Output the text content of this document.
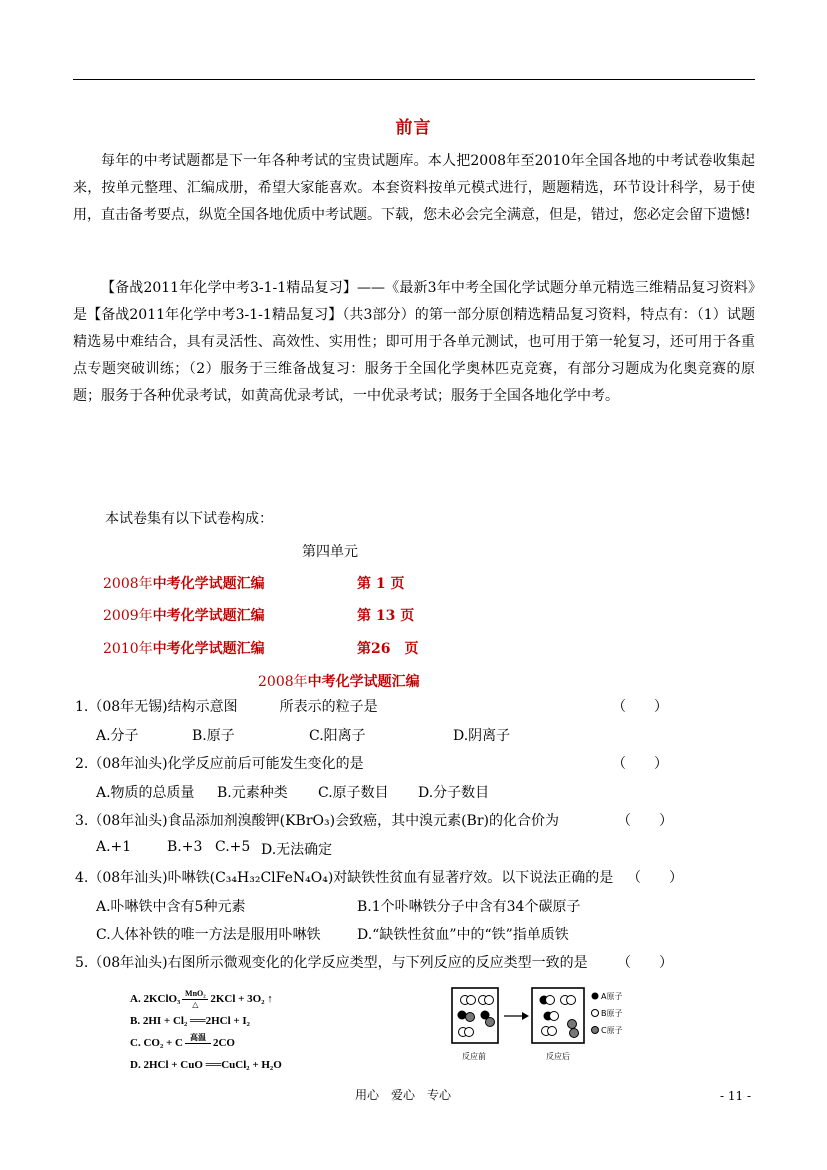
前言

每年的中考试题都是下一年各种考试的宝贵试题库。本人把2008年至2010年全国各地的中考试卷收集起来，按单元整理、汇编成册，希望大家能喜欢。本套资料按单元模式进行，题题精选，环节设计科学，易于使用，直击备考要点，纵览全国各地优质中考试题。下载，您未必会完全满意，但是，错过，您必定会留下遗憾!

【备战2011年化学中考3-1-1精品复习】——《最新3年中考全国化学试题分单元精选三维精品复习资料》是【备战2011年化学中考3-1-1精品复习】（共3部分）的第一部分原创精选精品复习资料，特点有：（1）试题精选易中难结合，具有灵活性、高效性、实用性；即可用于各单元测试，也可用于第一轮复习，还可用于各重点专题突破训练；（2）服务于三维备战复习：服务于全国化学奥林匹克竞赛，有部分习题成为化奥竞赛的原题；服务于各种优录考试，如黄高优录考试，一中优录考试；服务于全国各地化学中考。

本试卷集有以下试卷构成：
第四单元
2008年中考化学试题汇编	第 1 页
2009年中考化学试题汇编	第 13 页
2010年中考化学试题汇编	第26　页
2008年中考化学试题汇编
1.（08年无锡)结构示意图　　　所表示的粒子是	（　　）
A.分子	B.原子	C.阳离子	D.阴离子
2.（08年汕头)化学反应前后可能发生变化的是	（　　）
A.物质的总质量 B.元素种类 C.原子数目 D.分子数目
3.（08年汕头)食品添加剂溴酸钾(KBrO₃)会致癌，其中溴元素(Br)的化合价为	（　　）
A.+1	B.+3 C.+5 D.无法确定
4.（08年汕头)卟啉铁(C₃₄H₃₂ClFeN₄O₄)对缺铁性贫血有显著疗效。以下说法正确的是 （　　）
A.卟啉铁中含有5种元素	B.1个卟啉铁分子中含有34个碳原子
C.人体补铁的唯一方法是服用卟啉铁	D.“缺铁性贫血”中的“铁”指单质铁
5.（08年汕头)右图所示微观变化的化学反应类型，与下列反应的反应类型一致的是 （　　）
A. 2KClO₃ $\frac{\text{MnO₂}}{\triangle} 2KCl + 3O_2$ ↑
B. 2HI + Cl₂ ══2HCl + I₂
C. CO₂ + C 高温
2CO
D. 2HCl + CuO ══CuCl₂ + H₂O
A原子
B原子
C原子
反应前	反应后
用心　爱心　专心	- 11 -
